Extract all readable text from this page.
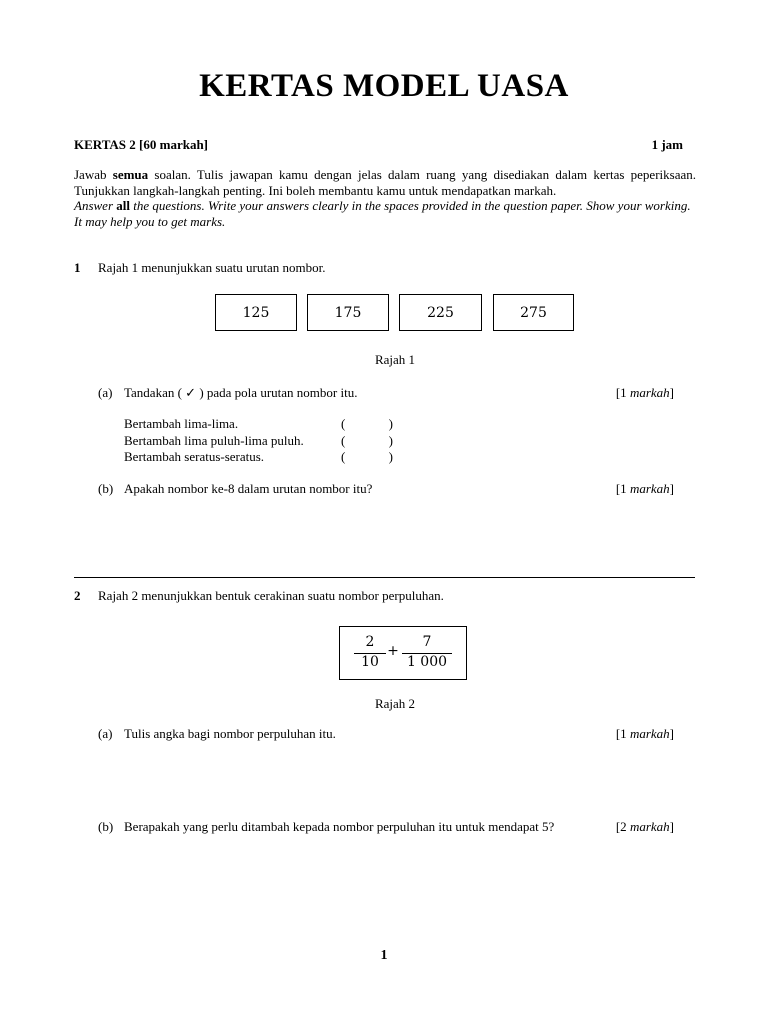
KERTAS MODEL UASA
KERTAS 2 [60 markah]	1 jam
Jawab semua soalan. Tulis jawapan kamu dengan jelas dalam ruang yang disediakan dalam kertas peperiksaan. Tunjukkan langkah-langkah penting. Ini boleh membantu kamu untuk mendapatkan markah.
Answer all the questions. Write your answers clearly in the spaces provided in the question paper. Show your working. It may help you to get marks.
1 Rajah 1 menunjukkan suatu urutan nombor.
125	175	225	275
Rajah 1
(a) Tandakan ( ✓ ) pada pola urutan nombor itu.	[1 markah]
Bertambah lima-lima.	(	)
Bertambah lima puluh-lima puluh.	(	)
Bertambah seratus-seratus.	(	)
(b) Apakah nombor ke-8 dalam urutan nombor itu?	[1 markah]
2 Rajah 2 menunjukkan bentuk cerakinan suatu nombor perpuluhan.
2
10
+
7
1 000
Rajah 2
(a) Tulis angka bagi nombor perpuluhan itu.	[1 markah]
(b) Berapakah yang perlu ditambah kepada nombor perpuluhan itu untuk mendapat 5?	[2 markah]
1
